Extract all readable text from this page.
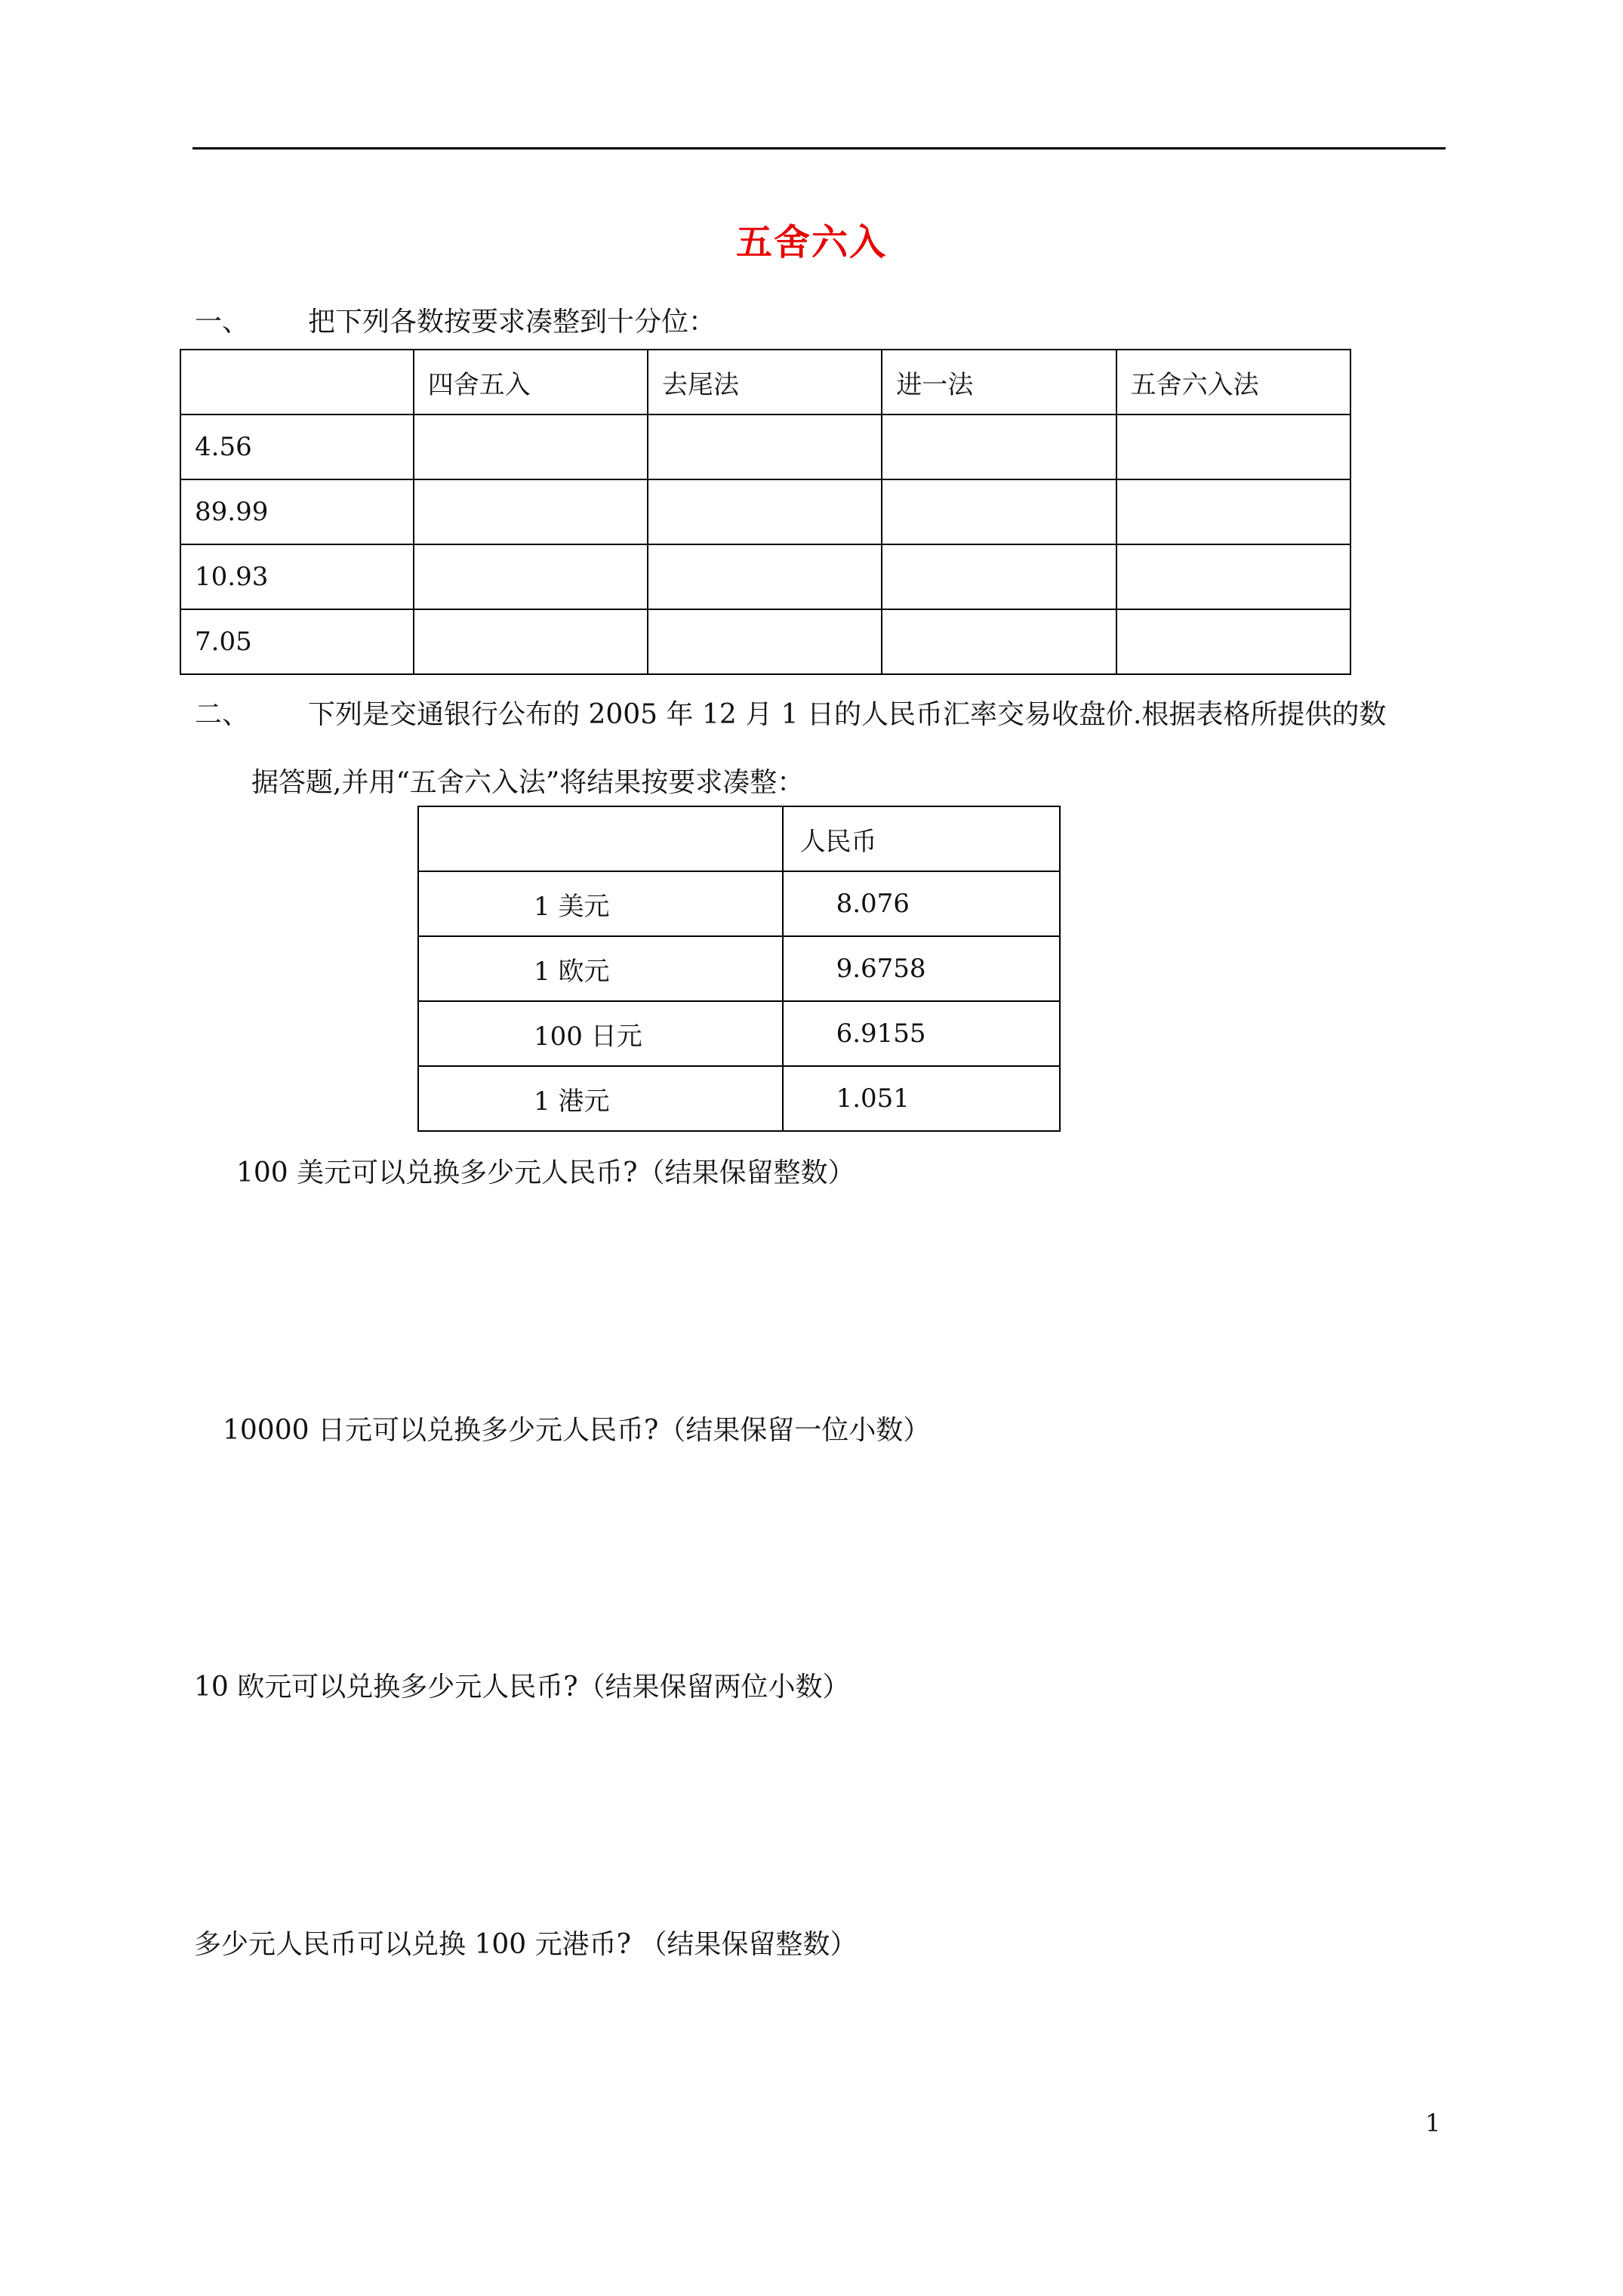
五舍六入
一、 把下列各数按要求凑整到十分位：
	四舍五入	去尾法	进一法	五舍六入法
4.56				
89.99				
10.93				
7.05				
二、 下列是交通银行公布的 2005 年 12 月 1 日的人民币汇率交易收盘价.根据表格所提供的数
据答题,并用“五舍六入法”将结果按要求凑整：
	人民币
1 美元	8.076
1 欧元	9.6758
100 日元	6.9155
1 港元	1.051
100 美元可以兑换多少元人民币?（结果保留整数）
10000 日元可以兑换多少元人民币?（结果保留一位小数）
10 欧元可以兑换多少元人民币?（结果保留两位小数）
多少元人民币可以兑换 100 元港币? （结果保留整数）
1
